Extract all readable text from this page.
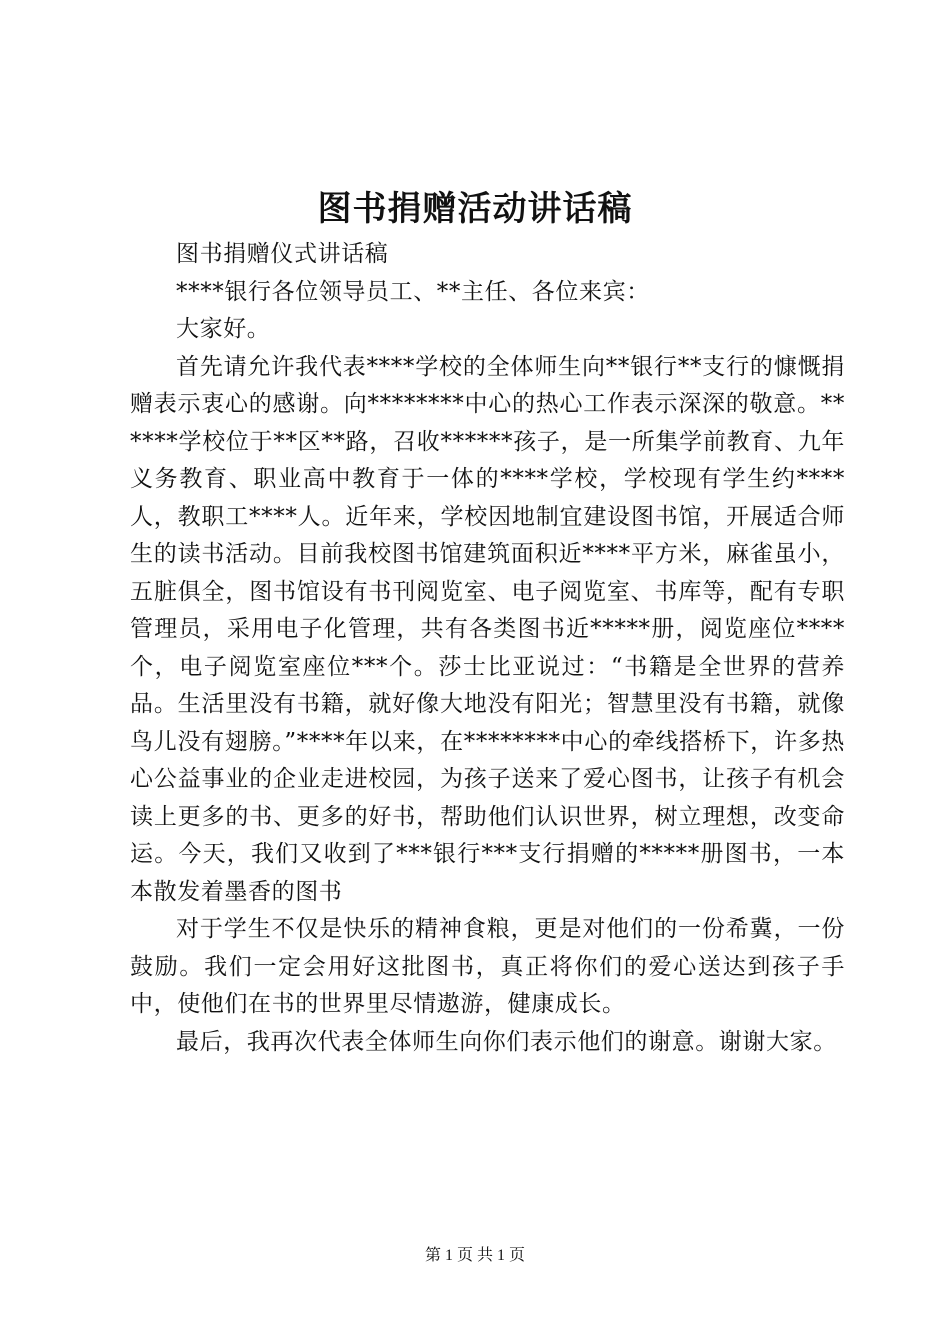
图书捐赠活动讲话稿

图书捐赠仪式讲话稿

****银行各位领导员工、**主任、各位来宾：

大家好。

首先请允许我代表****学校的全体师生向**银行**支行的慷慨捐赠表示衷心的感谢。向********中心的热心工作表示深深的敬意。******学校位于**区**路，召收******孩子，是一所集学前教育、九年义务教育、职业高中教育于一体的****学校，学校现有学生约****人，教职工****人。近年来，学校因地制宜建设图书馆，开展适合师生的读书活动。目前我校图书馆建筑面积近****平方米，麻雀虽小，五脏俱全，图书馆设有书刊阅览室、电子阅览室、书库等，配有专职管理员，采用电子化管理，共有各类图书近*****册，阅览座位****个，电子阅览室座位***个。莎士比亚说过：“书籍是全世界的营养品。生活里没有书籍，就好像大地没有阳光；智慧里没有书籍，就像鸟儿没有翅膀。”****年以来，在********中心的牵线搭桥下，许多热心公益事业的企业走进校园，为孩子送来了爱心图书，让孩子有机会读上更多的书、更多的好书，帮助他们认识世界，树立理想，改变命运。今天，我们又收到了***银行***支行捐赠的*****册图书，一本本散发着墨香的图书

对于学生不仅是快乐的精神食粮，更是对他们的一份希冀，一份鼓励。我们一定会用好这批图书，真正将你们的爱心送达到孩子手中，使他们在书的世界里尽情遨游，健康成长。

最后，我再次代表全体师生向你们表示他们的谢意。谢谢大家。

第 1 页 共 1 页
